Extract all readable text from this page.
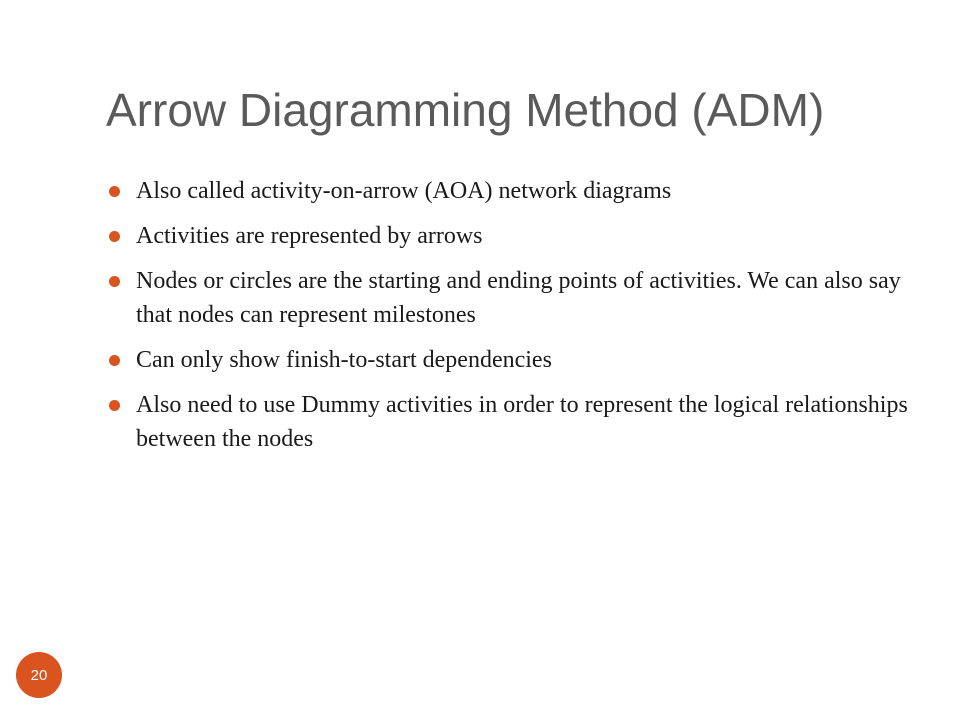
Arrow Diagramming Method (ADM)
Also called activity-on-arrow (AOA) network diagrams
Activities are represented by arrows
Nodes or circles are the starting and ending points of activities. We can also say that nodes can represent milestones
Can only show finish-to-start dependencies
Also need to use Dummy activities in order to represent the logical relationships between the nodes
20
